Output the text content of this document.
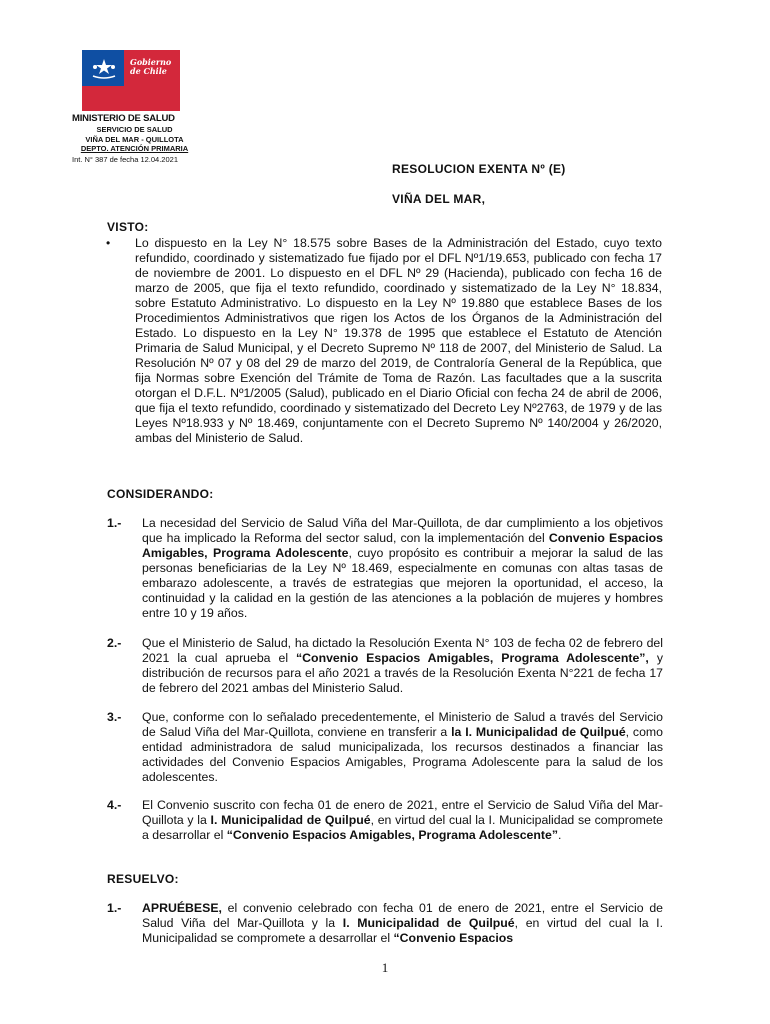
Gobierno
de Chile
MINISTERIO DE SALUD
SERVICIO DE SALUD
VIÑA DEL MAR - QUILLOTA
DEPTO. ATENCIÓN PRIMARIA
Int. N° 387 de fecha 12.04.2021
RESOLUCION EXENTA Nº (E)
VIÑA DEL MAR,
VISTO:
• Lo dispuesto en la Ley N° 18.575 sobre Bases de la Administración del Estado, cuyo texto refundido, coordinado y sistematizado fue fijado por el DFL Nº1/19.653, publicado con fecha 17 de noviembre de 2001. Lo dispuesto en el DFL Nº 29 (Hacienda), publicado con fecha 16 de marzo de 2005, que fija el texto refundido, coordinado y sistematizado de la Ley N° 18.834, sobre Estatuto Administrativo. Lo dispuesto en la Ley Nº 19.880 que establece Bases de los Procedimientos Administrativos que rigen los Actos de los Órganos de la Administración del Estado. Lo dispuesto en la Ley N° 19.378 de 1995 que establece el Estatuto de Atención Primaria de Salud Municipal, y el Decreto Supremo Nº 118 de 2007, del Ministerio de Salud. La Resolución Nº 07 y 08 del 29 de marzo del 2019, de Contraloría General de la República, que fija Normas sobre Exención del Trámite de Toma de Razón. Las facultades que a la suscrita otorgan el D.F.L. Nº1/2005 (Salud), publicado en el Diario Oficial con fecha 24 de abril de 2006, que fija el texto refundido, coordinado y sistematizado del Decreto Ley Nº2763, de 1979 y de las Leyes Nº18.933 y Nº 18.469, conjuntamente con el Decreto Supremo Nº 140/2004 y 26/2020, ambas del Ministerio de Salud.

CONSIDERANDO:
1.- La necesidad del Servicio de Salud Viña del Mar-Quillota, de dar cumplimiento a los objetivos que ha implicado la Reforma del sector salud, con la implementación del Convenio Espacios Amigables, Programa Adolescente, cuyo propósito es contribuir a mejorar la salud de las personas beneficiarias de la Ley Nº 18.469, especialmente en comunas con altas tasas de embarazo adolescente, a través de estrategias que mejoren la oportunidad, el acceso, la continuidad y la calidad en la gestión de las atenciones a la población de mujeres y hombres entre 10 y 19 años.

2.- Que el Ministerio de Salud, ha dictado la Resolución Exenta N° 103 de fecha 02 de febrero del 2021 la cual aprueba el “Convenio Espacios Amigables, Programa Adolescente”, y distribución de recursos para el año 2021 a través de la Resolución Exenta N°221 de fecha 17 de febrero del 2021 ambas del Ministerio Salud.

3.- Que, conforme con lo señalado precedentemente, el Ministerio de Salud a través del Servicio de Salud Viña del Mar-Quillota, conviene en transferir a la I. Municipalidad de Quilpué, como entidad administradora de salud municipalizada, los recursos destinados a financiar las actividades del Convenio Espacios Amigables, Programa Adolescente para la salud de los adolescentes.

4.- El Convenio suscrito con fecha 01 de enero de 2021, entre el Servicio de Salud Viña del Mar-Quillota y la I. Municipalidad de Quilpué, en virtud del cual la I. Municipalidad se compromete a desarrollar el “Convenio Espacios Amigables, Programa Adolescente”.

RESUELVO:
1.- APRUÉBESE, el convenio celebrado con fecha 01 de enero de 2021, entre el Servicio de Salud Viña del Mar-Quillota y la I. Municipalidad de Quilpué, en virtud del cual la I. Municipalidad se compromete a desarrollar el “Convenio Espacios

1
